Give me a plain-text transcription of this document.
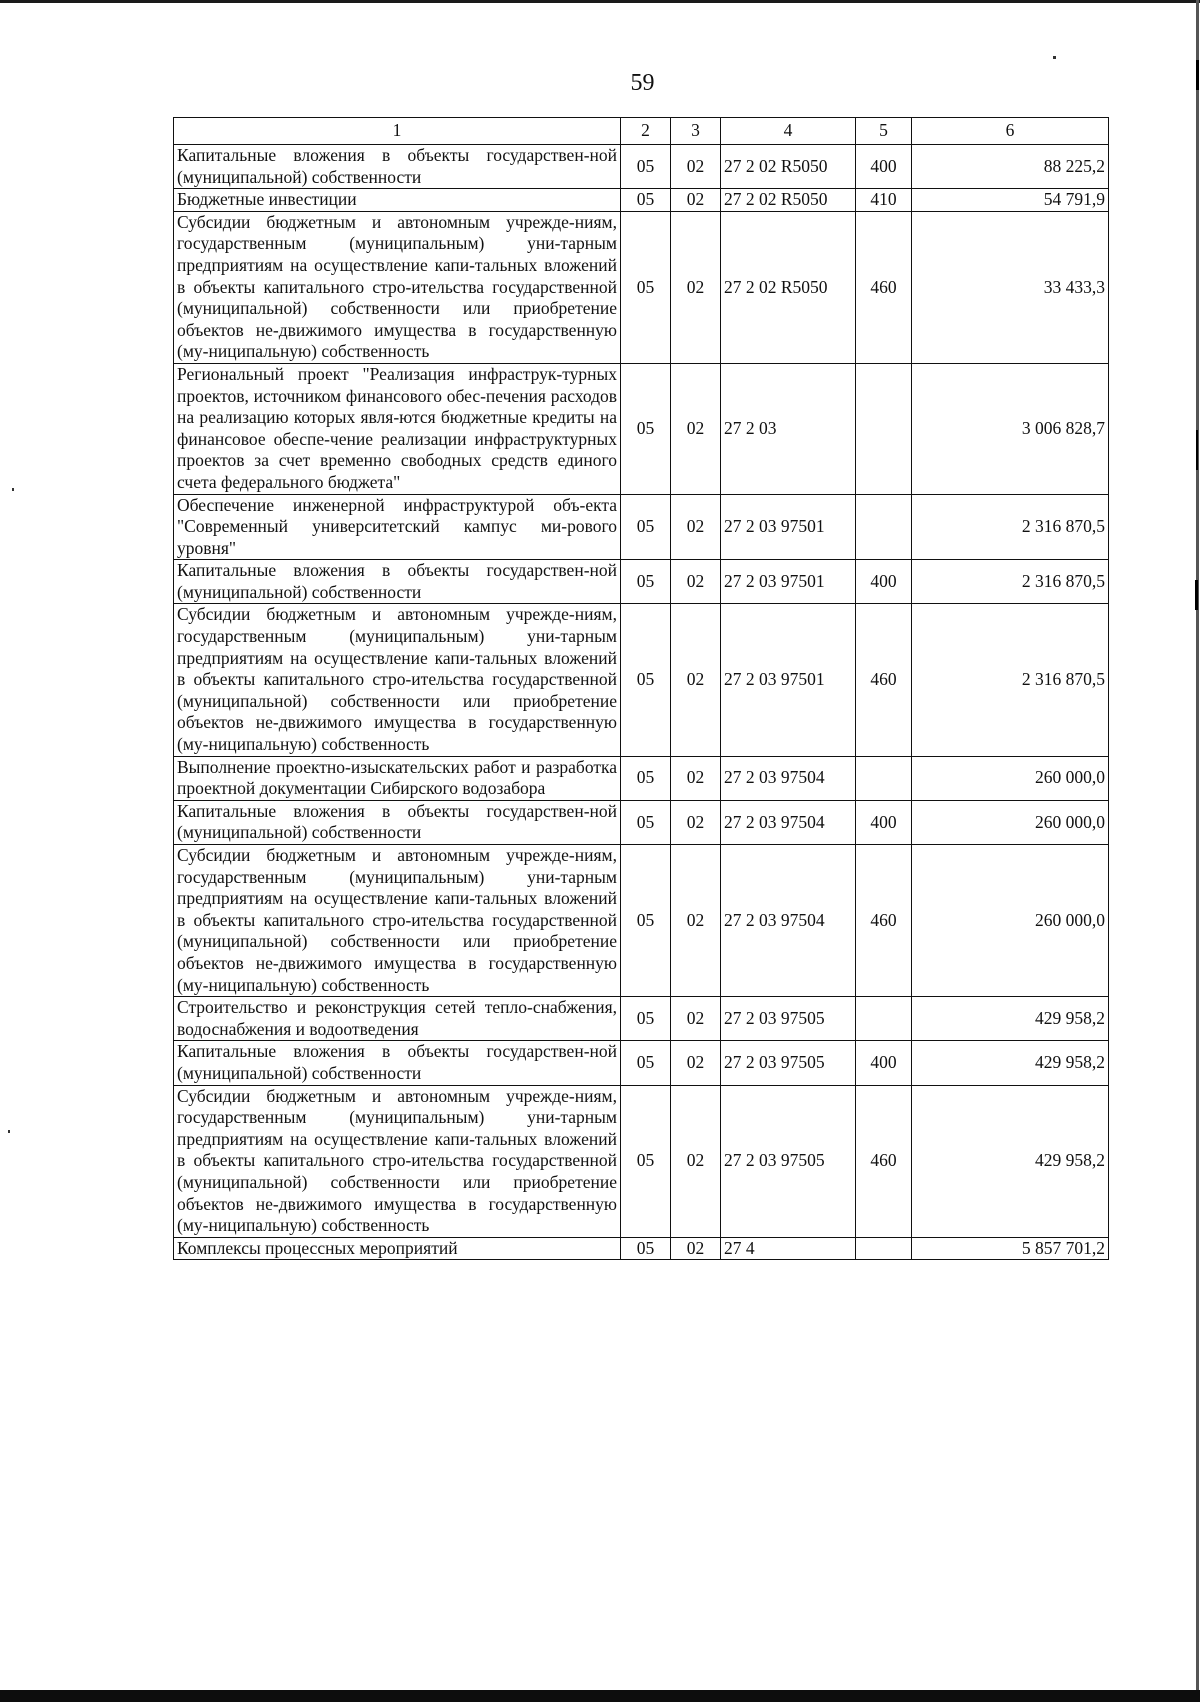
59
1	2	3	4	5	6
Капитальные вложения в объекты государствен-ной (муниципальной) собственности	05	02	27 2 02 R5050	400	88 225,2
Бюджетные инвестиции	05	02	27 2 02 R5050	410	54 791,9
Субсидии бюджетным и автономным учрежде-ниям, государственным (муниципальным) уни-тарным предприятиям на осуществление капи-тальных вложений в объекты капитального стро-ительства государственной (муниципальной) собственности или приобретение объектов не-движимого имущества в государственную (му-ниципальную) собственность	05	02	27 2 02 R5050	460	33 433,3
Региональный проект "Реализация инфраструк-турных проектов, источником финансового обес-печения расходов на реализацию которых явля-ются бюджетные кредиты на финансовое обеспе-чение реализации инфраструктурных проектов за счет временно свободных средств единого счета федерального бюджета"	05	02	27 2 03		3 006 828,7
Обеспечение инженерной инфраструктурой объ-екта "Современный университетский кампус ми-рового уровня"	05	02	27 2 03 97501		2 316 870,5
Капитальные вложения в объекты государствен-ной (муниципальной) собственности	05	02	27 2 03 97501	400	2 316 870,5
Субсидии бюджетным и автономным учрежде-ниям, государственным (муниципальным) уни-тарным предприятиям на осуществление капи-тальных вложений в объекты капитального стро-ительства государственной (муниципальной) собственности или приобретение объектов не-движимого имущества в государственную (му-ниципальную) собственность	05	02	27 2 03 97501	460	2 316 870,5
Выполнение проектно-изыскательских работ и разработка проектной документации Сибирского водозабора	05	02	27 2 03 97504		260 000,0
Капитальные вложения в объекты государствен-ной (муниципальной) собственности	05	02	27 2 03 97504	400	260 000,0
Субсидии бюджетным и автономным учрежде-ниям, государственным (муниципальным) уни-тарным предприятиям на осуществление капи-тальных вложений в объекты капитального стро-ительства государственной (муниципальной) собственности или приобретение объектов не-движимого имущества в государственную (му-ниципальную) собственность	05	02	27 2 03 97504	460	260 000,0
Строительство и реконструкция сетей тепло-снабжения, водоснабжения и водоотведения	05	02	27 2 03 97505		429 958,2
Капитальные вложения в объекты государствен-ной (муниципальной) собственности	05	02	27 2 03 97505	400	429 958,2
Субсидии бюджетным и автономным учрежде-ниям, государственным (муниципальным) уни-тарным предприятиям на осуществление капи-тальных вложений в объекты капитального стро-ительства государственной (муниципальной) собственности или приобретение объектов не-движимого имущества в государственную (му-ниципальную) собственность	05	02	27 2 03 97505	460	429 958,2
Комплексы процессных мероприятий	05	02	27 4		5 857 701,2
